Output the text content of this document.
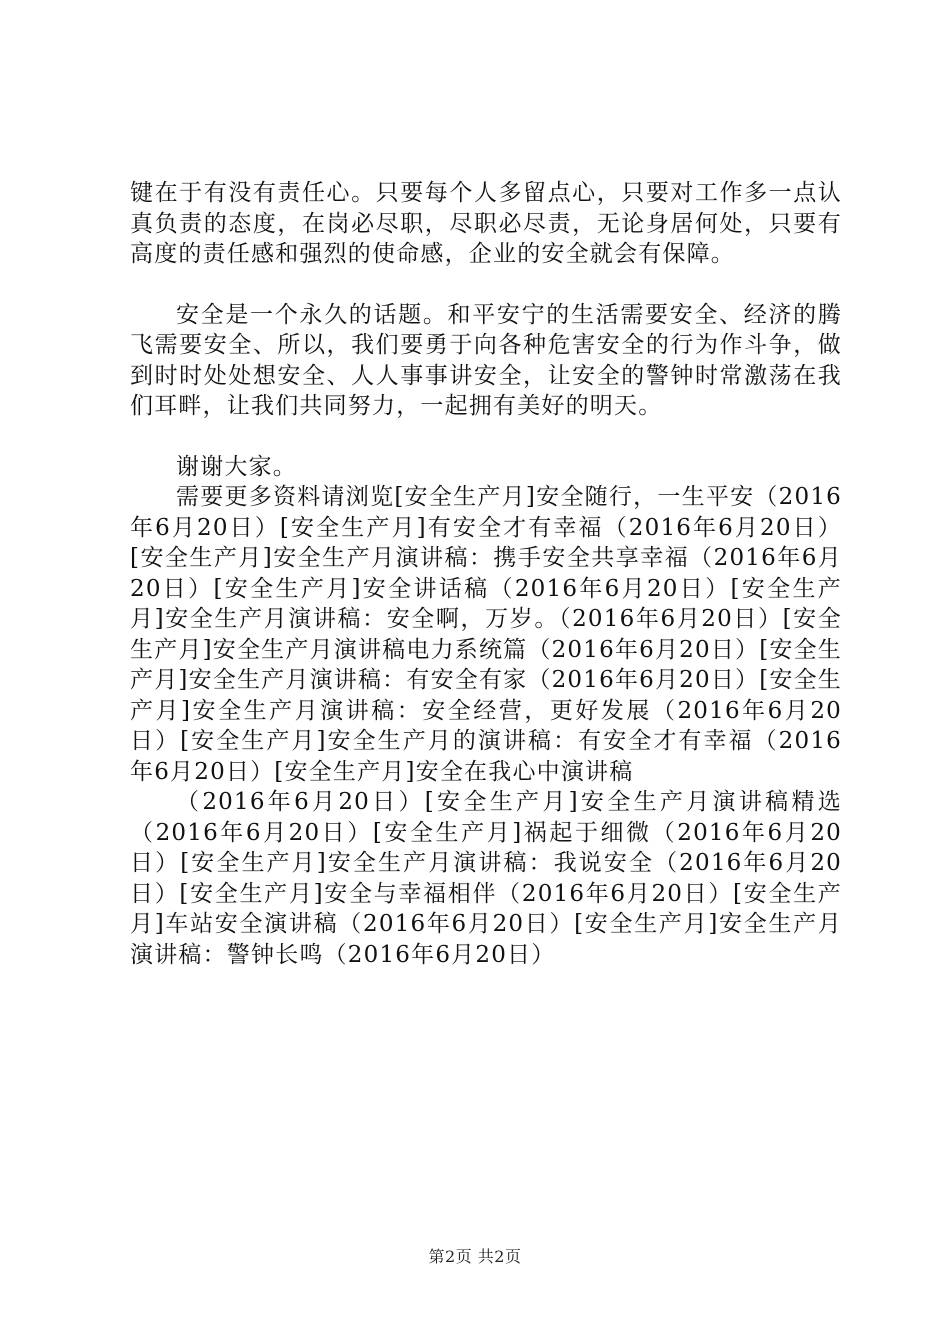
键在于有没有责任心。只要每个人多留点心，只要对工作多一点认真负责的态度，在岗必尽职，尽职必尽责，无论身居何处，只要有高度的责任感和强烈的使命感，企业的安全就会有保障。

安全是一个永久的话题。和平安宁的生活需要安全、经济的腾飞需要安全、所以，我们要勇于向各种危害安全的行为作斗争，做到时时处处想安全、人人事事讲安全，让安全的警钟时常激荡在我们耳畔，让我们共同努力，一起拥有美好的明天。

谢谢大家。

需要更多资料请浏览[安全生产月]安全随行，一生平安（2016年6月20日）[安全生产月]有安全才有幸福（2016年6月20日）[安全生产月]安全生产月演讲稿：携手安全共享幸福（2016年6月20日）[安全生产月]安全讲话稿（2016年6月20日）[安全生产月]安全生产月演讲稿：安全啊，万岁。（2016年6月20日）[安全生产月]安全生产月演讲稿电力系统篇（2016年6月20日）[安全生产月]安全生产月演讲稿：有安全有家（2016年6月20日）[安全生产月]安全生产月演讲稿：安全经营，更好发展（2016年6月20日）[安全生产月]安全生产月的演讲稿：有安全才有幸福（2016年6月20日）[安全生产月]安全在我心中演讲稿

（2016年6月20日）[安全生产月]安全生产月演讲稿精选（2016年6月20日）[安全生产月]祸起于细微（2016年6月20日）[安全生产月]安全生产月演讲稿：我说安全（2016年6月20日）[安全生产月]安全与幸福相伴（2016年6月20日）[安全生产月]车站安全演讲稿（2016年6月20日）[安全生产月]安全生产月演讲稿：警钟长鸣（2016年6月20日）

第2页 共2页
